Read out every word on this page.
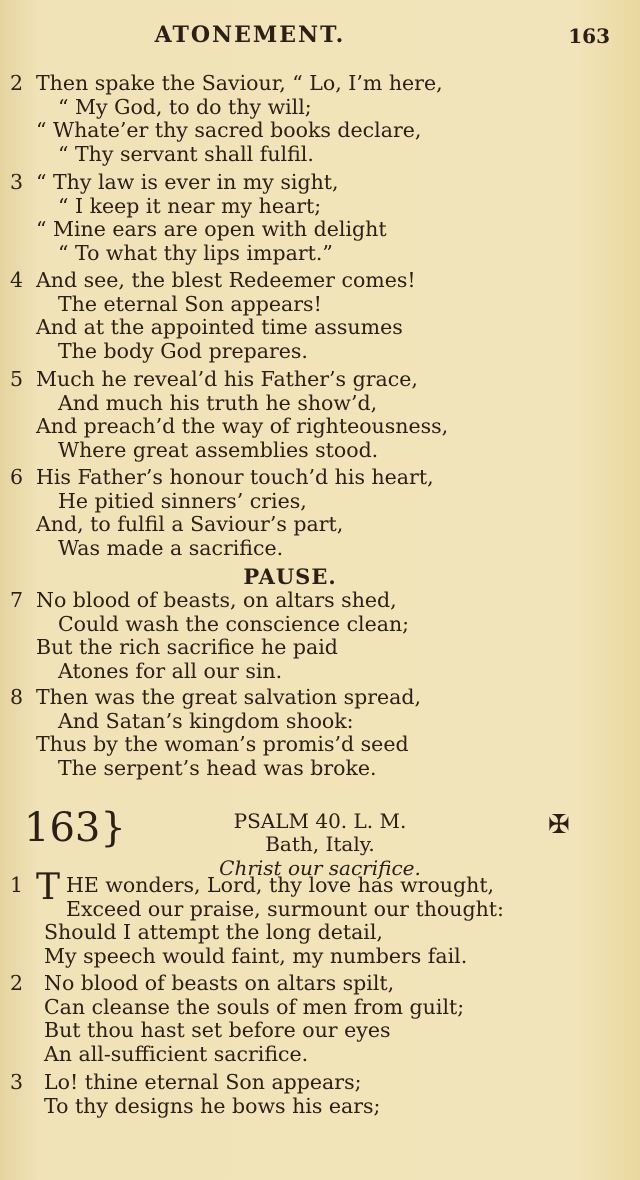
ATONEMENT.	163
2 Then spake the Saviour, “ Lo, I’m here,
“ My God, to do thy will;
“ Whate’er thy sacred books declare,
“ Thy servant shall fulfil.
3 “ Thy law is ever in my sight,
“ I keep it near my heart;
“ Mine ears are open with delight
“ To what thy lips impart.”
4 And see, the blest Redeemer comes!
The eternal Son appears!
And at the appointed time assumes
The body God prepares.
5 Much he reveal’d his Father’s grace,
And much his truth he show’d,
And preach’d the way of righteousness,
Where great assemblies stood.
6 His Father’s honour touch’d his heart,
He pitied sinners’ cries,
And, to fulfil a Saviour’s part,
Was made a sacrifice.
PAUSE.
7 No blood of beasts, on altars shed,
Could wash the conscience clean;
But the rich sacrifice he paid
Atones for all our sin.
8 Then was the great salvation spread,
And Satan’s kingdom shook:
Thus by the woman’s promis’d seed
The serpent’s head was broke.
163}	PSALM 40. L. M.
Bath, Italy.
Christ our sacrifice.
✠
1 T HE wonders, Lord, thy love has wrought,
Exceed our praise, surmount our thought:
Should I attempt the long detail,
My speech would faint, my numbers fail.
2	No blood of beasts on altars spilt,
Can cleanse the souls of men from guilt;
But thou hast set before our eyes
An all-sufficient sacrifice.
3	Lo! thine eternal Son appears;
To thy designs he bows his ears;
